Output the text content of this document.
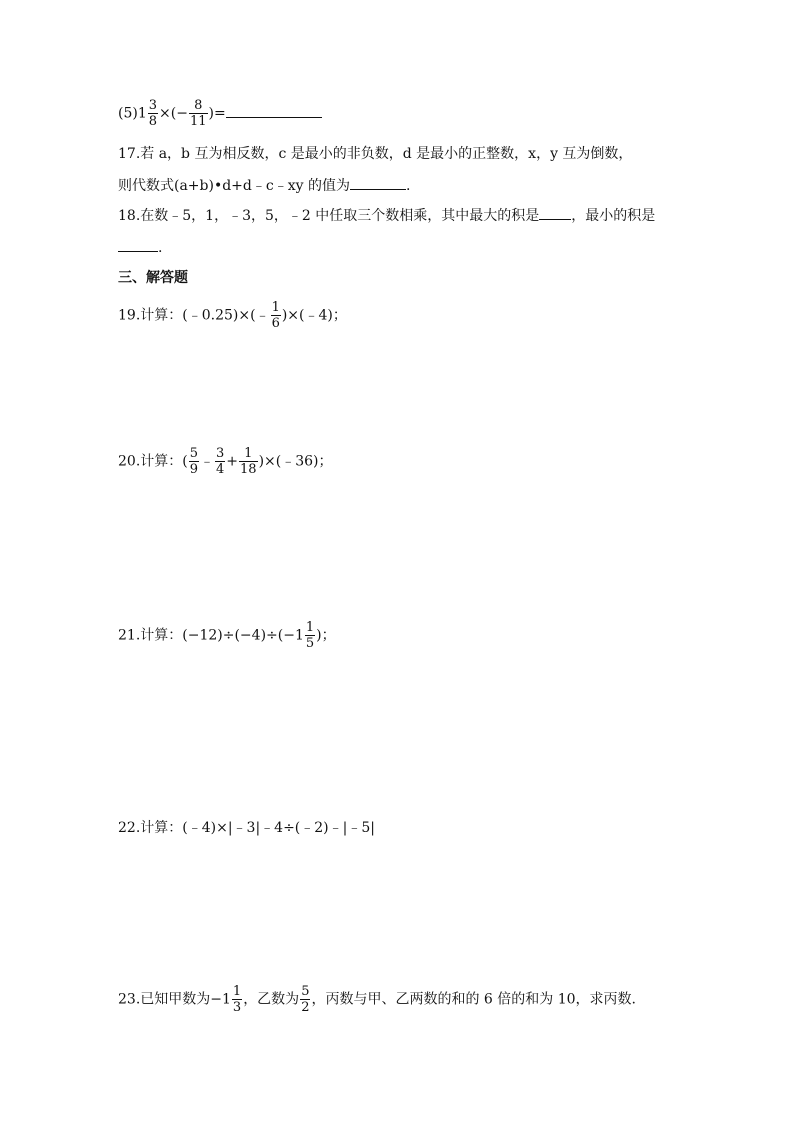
$(5)1 \frac{3}{8}$ ×(− $\frac{8}{11}$ )=
17.若 a，b 互为相反数，c 是最小的非负数，d 是最小的正整数，x，y 互为倒数，
则代数式(a+b)•d+d﹣c﹣xy 的值为	.
18.在数﹣5，1，﹣3，5，﹣2 中任取三个数相乘，其中最大的积是 ，最小的积是
.
三、解答题
19.计算：(﹣0.25)×(﹣ $\frac{1}{6}$ )×(﹣4)；
20.计算：( $\frac{5}{9}$ ﹣ $\frac{3}{4} + \frac{1}{18}$ )×(﹣36)；
21.计算：$(-12)\div(-4)\div(-1 \frac{1}{5}$ )；
22.计算：(﹣4)×|﹣3|﹣4÷(﹣2)﹣|﹣5|
23.已知甲数为$-1 \frac{1}{3}$ ，乙数为 $\frac{5}{2}$ ，丙数与甲、乙两数的和的 6 倍的和为 10，求丙数.
